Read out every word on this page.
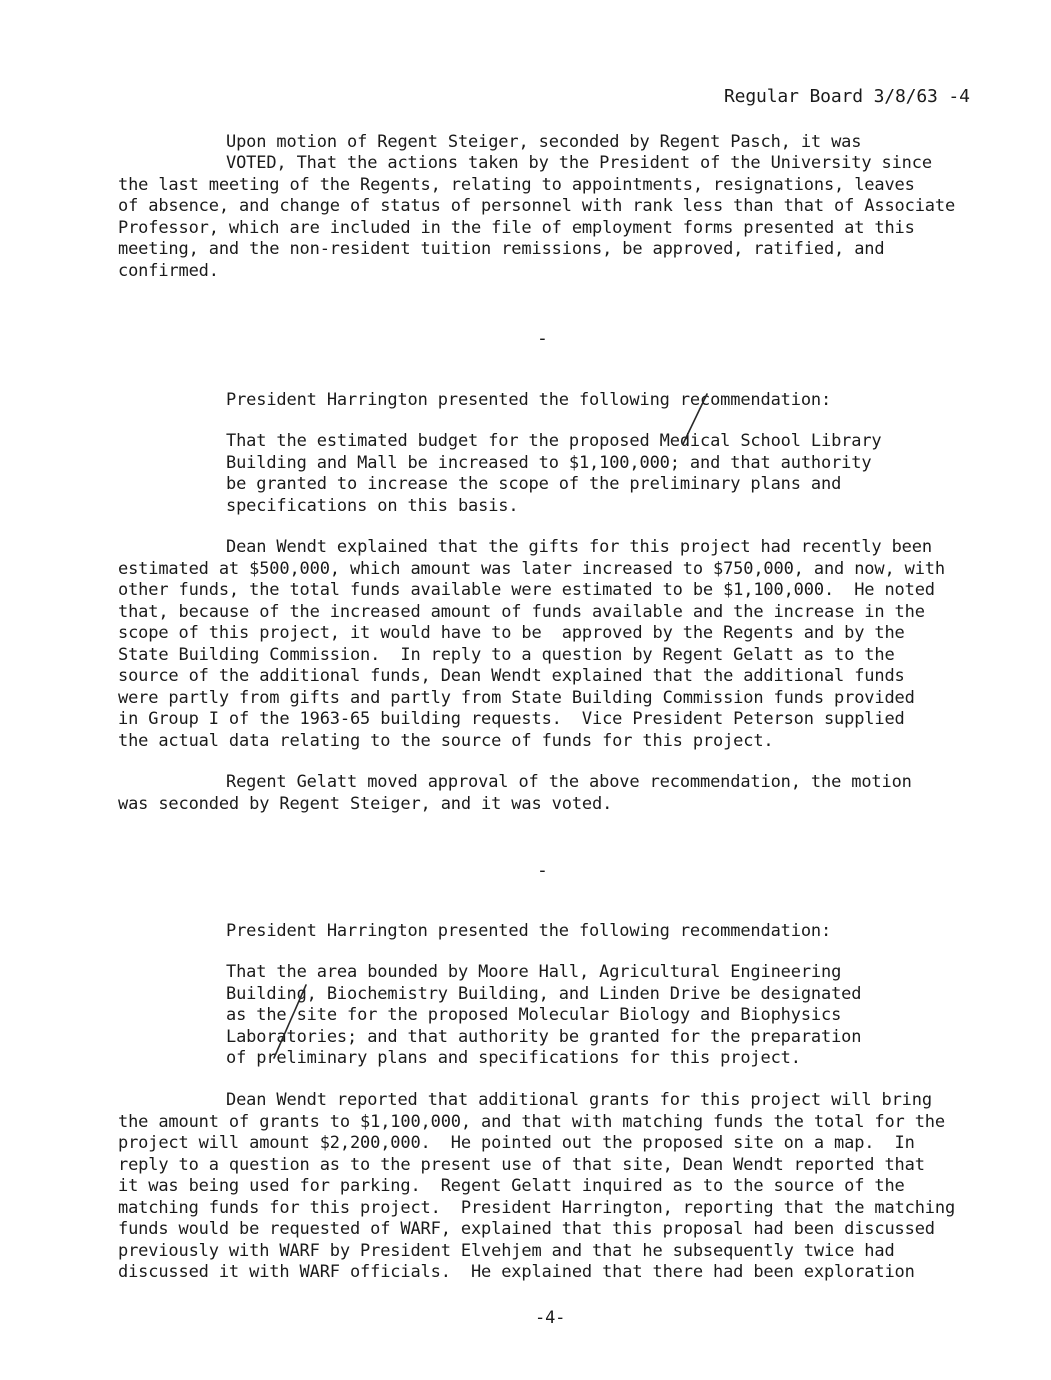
Regular Board 3/8/63 -4
Upon motion of Regent Steiger, seconded by Regent Pasch, it was
VOTED, That the actions taken by the President of the University since
the last meeting of the Regents, relating to appointments, resignations, leaves
of absence, and change of status of personnel with rank less than that of Associate
Professor, which are included in the file of employment forms presented at this
meeting, and the non-resident tuition remissions, be approved, ratified, and
confirmed.
-
President Harrington presented the following recommendation:
That the estimated budget for the proposed Medical School Library
Building and Mall be increased to $1,100,000; and that authority
be granted to increase the scope of the preliminary plans and
specifications on this basis.
Dean Wendt explained that the gifts for this project had recently been
estimated at $500,000, which amount was later increased to $750,000, and now, with
other funds, the total funds available were estimated to be $1,100,000.  He noted
that, because of the increased amount of funds available and the increase in the
scope of this project, it would have to be  approved by the Regents and by the
State Building Commission.  In reply to a question by Regent Gelatt as to the
source of the additional funds, Dean Wendt explained that the additional funds
were partly from gifts and partly from State Building Commission funds provided
in Group I of the 1963-65 building requests.  Vice President Peterson supplied
the actual data relating to the source of funds for this project.
Regent Gelatt moved approval of the above recommendation, the motion
was seconded by Regent Steiger, and it was voted.
-
President Harrington presented the following recommendation:
That the area bounded by Moore Hall, Agricultural Engineering
Building, Biochemistry Building, and Linden Drive be designated
as the site for the proposed Molecular Biology and Biophysics
Laboratories; and that authority be granted for the preparation
of preliminary plans and specifications for this project.
Dean Wendt reported that additional grants for this project will bring
the amount of grants to $1,100,000, and that with matching funds the total for the
project will amount $2,200,000.  He pointed out the proposed site on a map.  In
reply to a question as to the present use of that site, Dean Wendt reported that
it was being used for parking.  Regent Gelatt inquired as to the source of the
matching funds for this project.  President Harrington, reporting that the matching
funds would be requested of WARF, explained that this proposal had been discussed
previously with WARF by President Elvehjem and that he subsequently twice had
discussed it with WARF officials.  He explained that there had been exploration
-4-
